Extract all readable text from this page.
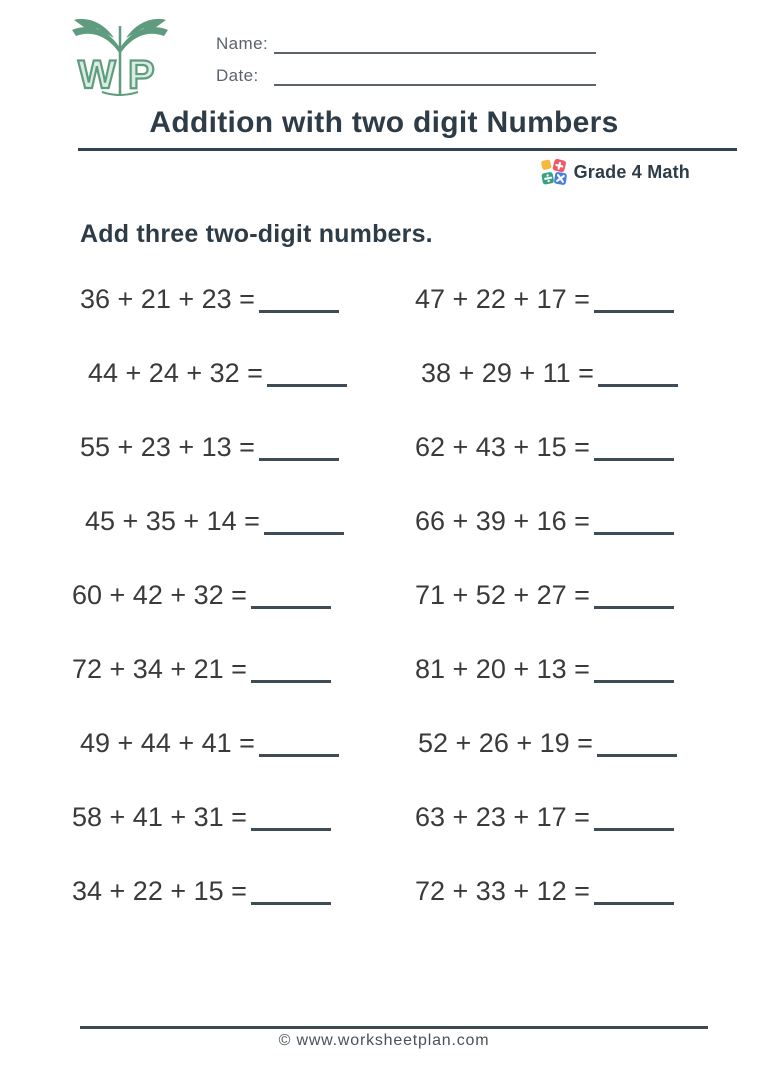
W P
Name:
Date:
Addition with two digit Numbers
Grade 4 Math
Add three two-digit numbers.
36 + 21 + 23 =	47 + 22 + 17 =
44 + 24 + 32 =	38 + 29 + 11 =
55 + 23 + 13 =	62 + 43 + 15 =
45 + 35 + 14 =	66 + 39 + 16 =
60 + 42 + 32 =	71 + 52 + 27 =
72 + 34 + 21 =	81 + 20 + 13 =
49 + 44 + 41 =	52 + 26 + 19 =
58 + 41 + 31 =	63 + 23 + 17 =
34 + 22 + 15 =	72 + 33 + 12 =
© www.worksheetplan.com
